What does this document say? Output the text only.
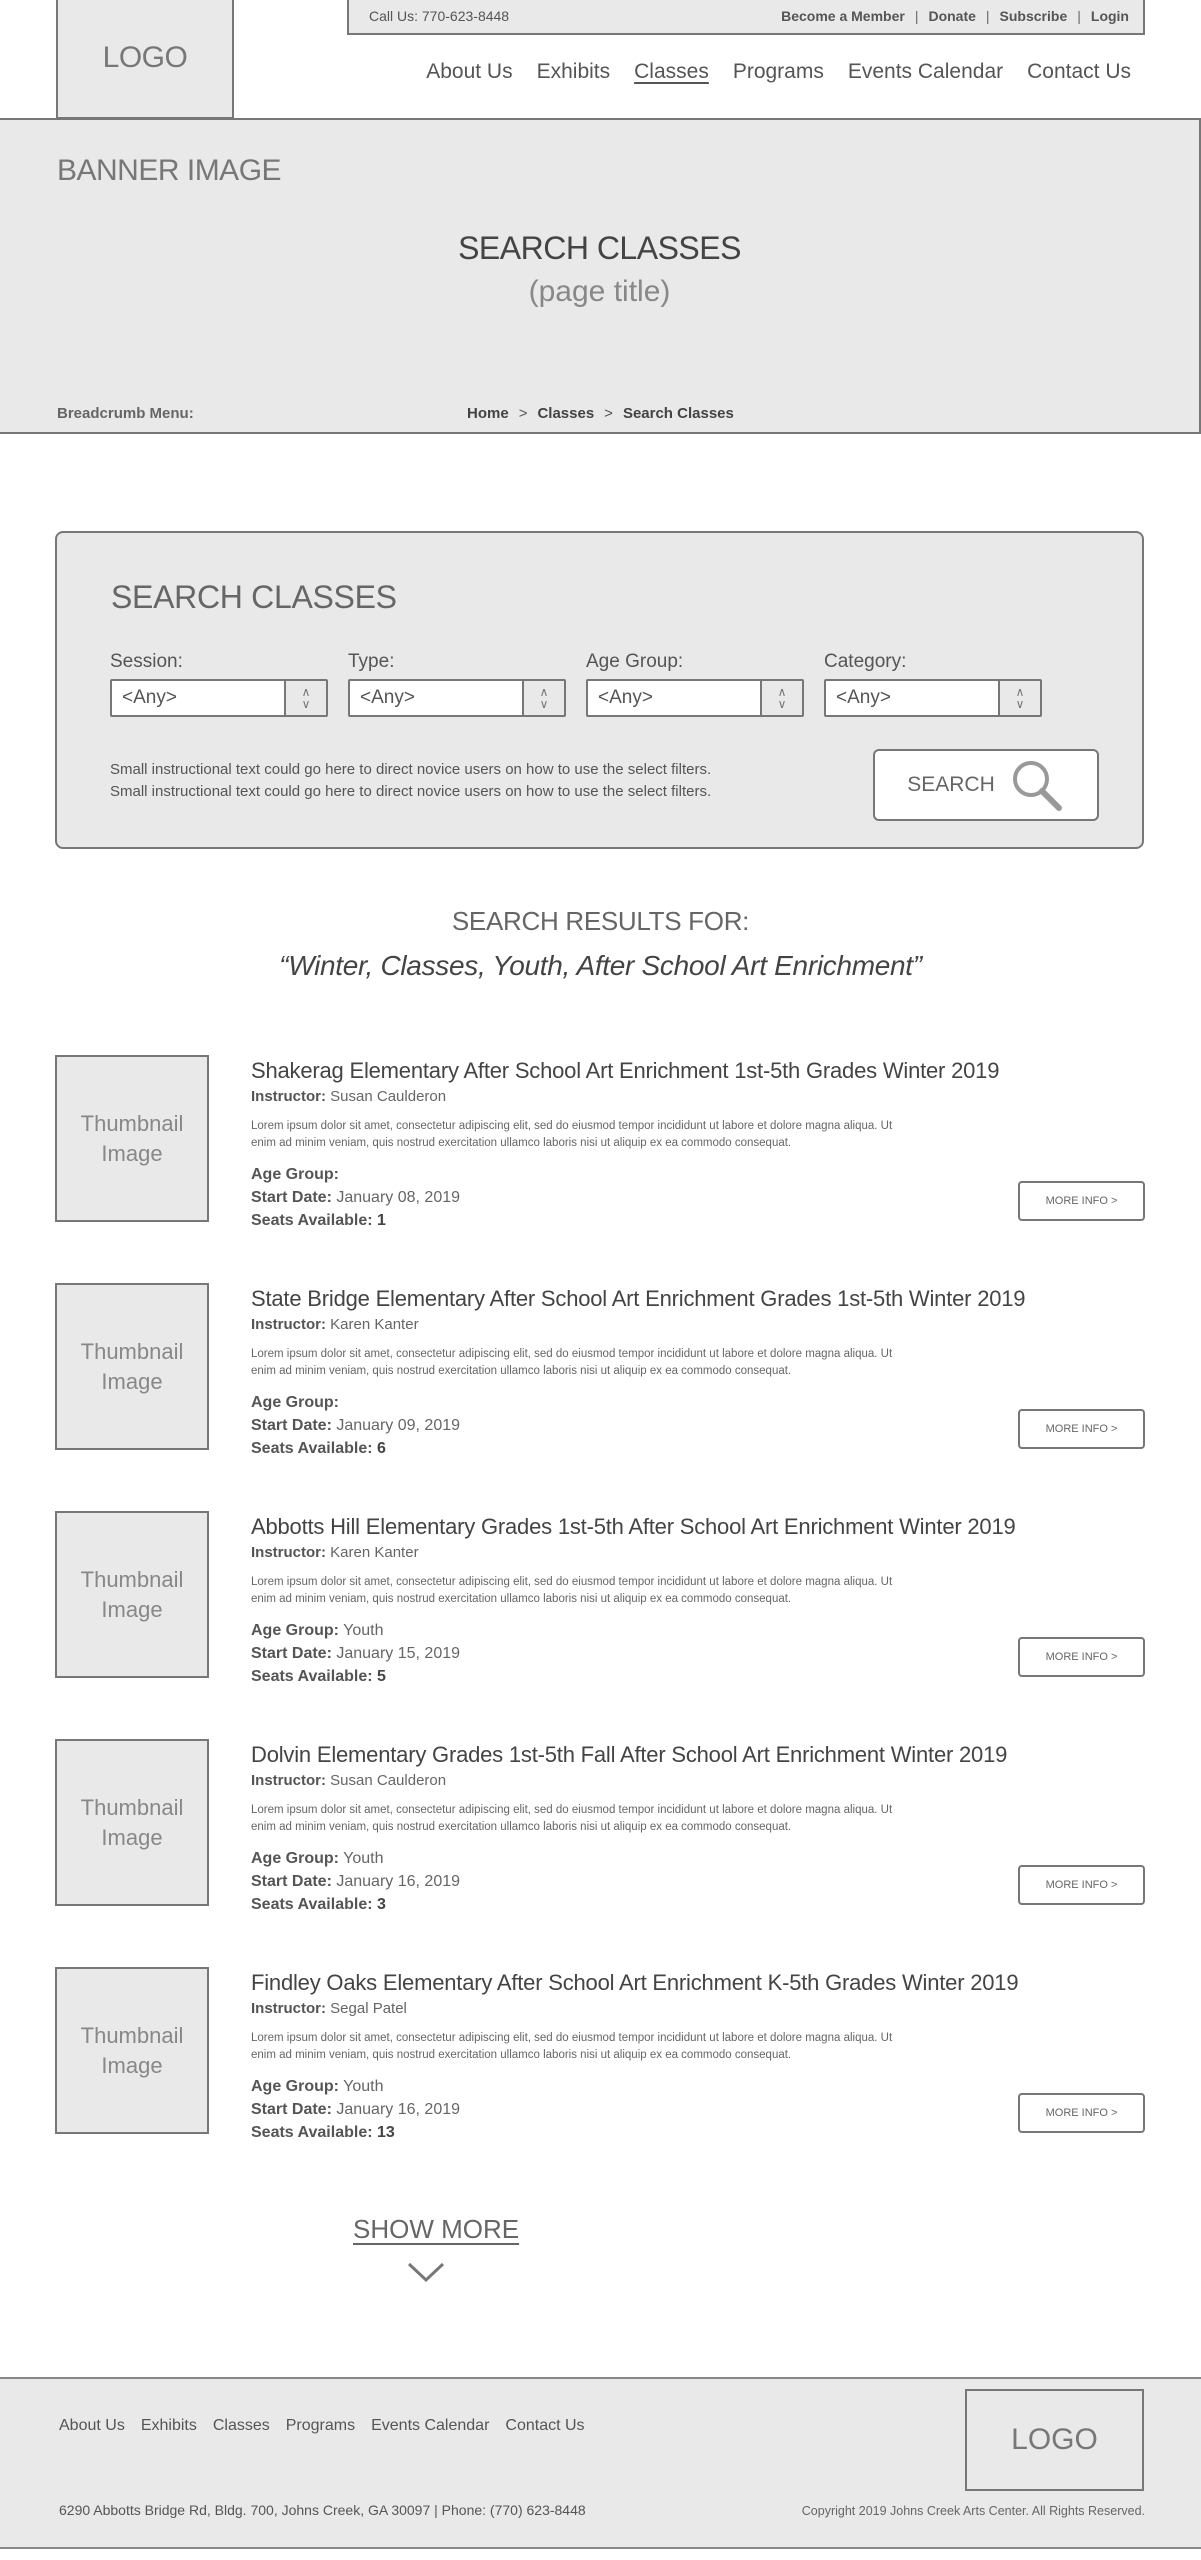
LOGO
Call Us: 770-623-8448	Become a Member | Donate | Subscribe | Login
About Us Exhibits Classes Programs Events Calendar Contact Us
BANNER IMAGE
SEARCH CLASSES
(page title)
Breadcrumb Menu:	Home > Classes > Search Classes
SEARCH CLASSES
Session:
<Any>	∧
∨
Type:
<Any>	∧
∨
Age Group:
<Any>	∧
∨
Category:
<Any>	∧
∨
Small instructional text could go here to direct novice users on how to use the select filters.
Small instructional text could go here to direct novice users on how to use the select filters.	SEARCH
SEARCH RESULTS FOR:
“Winter, Classes, Youth, After School Art Enrichment”
Thumbnail
Image
Shakerag Elementary After School Art Enrichment 1st-5th Grades Winter 2019
Instructor: Susan Caulderon
Lorem ipsum dolor sit amet, consectetur adipiscing elit, sed do eiusmod tempor incididunt ut labore et dolore magna aliqua. Ut
enim ad minim veniam, quis nostrud exercitation ullamco laboris nisi ut aliquip ex ea commodo consequat.
Age Group:
Start Date: January 08, 2019
Seats Available: 1
MORE INFO >
Thumbnail
Image
State Bridge Elementary After School Art Enrichment Grades 1st-5th Winter 2019
Instructor: Karen Kanter
Lorem ipsum dolor sit amet, consectetur adipiscing elit, sed do eiusmod tempor incididunt ut labore et dolore magna aliqua. Ut
enim ad minim veniam, quis nostrud exercitation ullamco laboris nisi ut aliquip ex ea commodo consequat.
Age Group:
Start Date: January 09, 2019
Seats Available: 6
MORE INFO >
Thumbnail
Image
Abbotts Hill Elementary Grades 1st-5th After School Art Enrichment Winter 2019
Instructor: Karen Kanter
Lorem ipsum dolor sit amet, consectetur adipiscing elit, sed do eiusmod tempor incididunt ut labore et dolore magna aliqua. Ut
enim ad minim veniam, quis nostrud exercitation ullamco laboris nisi ut aliquip ex ea commodo consequat.
Age Group: Youth
Start Date: January 15, 2019
Seats Available: 5
MORE INFO >
Thumbnail
Image
Dolvin Elementary Grades 1st-5th Fall After School Art Enrichment Winter 2019
Instructor: Susan Caulderon
Lorem ipsum dolor sit amet, consectetur adipiscing elit, sed do eiusmod tempor incididunt ut labore et dolore magna aliqua. Ut
enim ad minim veniam, quis nostrud exercitation ullamco laboris nisi ut aliquip ex ea commodo consequat.
Age Group: Youth
Start Date: January 16, 2019
Seats Available: 3
MORE INFO >
Thumbnail
Image
Findley Oaks Elementary After School Art Enrichment K-5th Grades Winter 2019
Instructor: Segal Patel
Lorem ipsum dolor sit amet, consectetur adipiscing elit, sed do eiusmod tempor incididunt ut labore et dolore magna aliqua. Ut
enim ad minim veniam, quis nostrud exercitation ullamco laboris nisi ut aliquip ex ea commodo consequat.
Age Group: Youth
Start Date: January 16, 2019
Seats Available: 13
MORE INFO >
SHOW MORE
About Us Exhibits Classes Programs Events Calendar Contact Us
6290 Abbotts Bridge Rd, Bldg. 700, Johns Creek, GA 30097 | Phone: (770) 623-8448
LOGO
Copyright 2019 Johns Creek Arts Center. All Rights Reserved.
